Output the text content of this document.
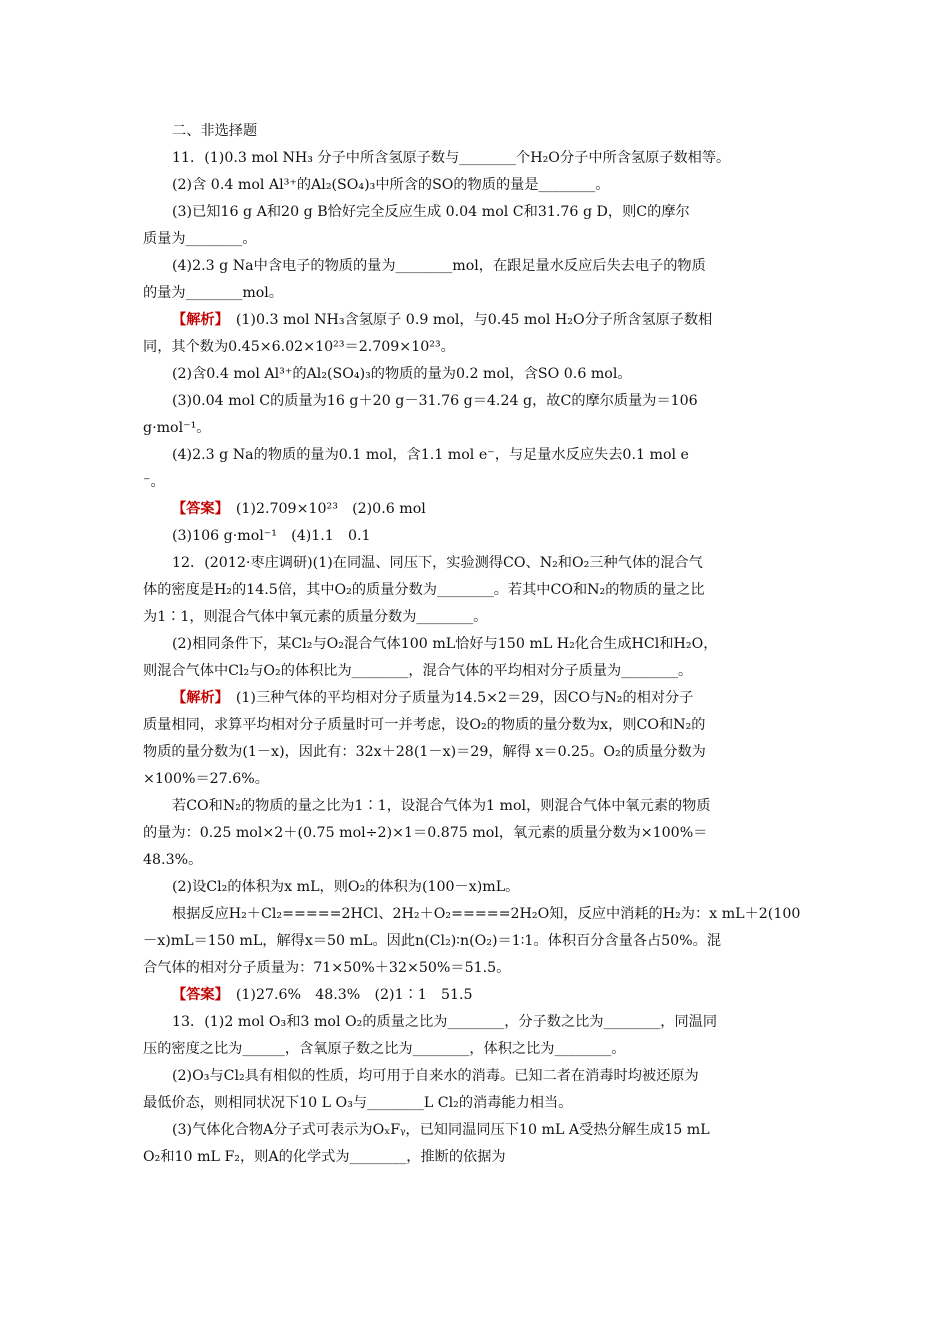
二、非选择题
11．(1)0.3 mol NH₃ 分子中所含氢原子数与________个H₂O分子中所含氢原子数相等。
(2)含 0.4 mol Al³⁺的Al₂(SO₄)₃中所含的SO的物质的量是________。
(3)已知16 g A和20 g B恰好完全反应生成 0.04 mol C和31.76 g D，则C的摩尔
质量为________。
(4)2.3 g Na中含电子的物质的量为________mol，在跟足量水反应后失去电子的物质
的量为________mol。
【解析】　 (1)0.3 mol NH₃含氢原子 0.9 mol，与0.45 mol H₂O分子所含氢原子数相
同，其个数为0.45×6.02×10²³＝2.709×10²³。
(2)含0.4 mol Al³⁺的Al₂(SO₄)₃的物质的量为0.2 mol，含SO 0.6 mol。
(3)0.04 mol C的质量为16 g＋20 g－31.76 g＝4.24 g，故C的摩尔质量为＝106
g·mol⁻¹。
(4)2.3 g Na的物质的量为0.1 mol，含1.1 mol e⁻，与足量水反应失去0.1 mol e
⁻。
【答案】　 (1)2.709×10²³　(2)0.6 mol
(3)106 g·mol⁻¹　(4)1.1　0.1
12．(2012·枣庄调研)(1)在同温、同压下，实验测得CO、N₂和O₂三种气体的混合气
体的密度是H₂的14.5倍，其中O₂的质量分数为________。若其中CO和N₂的物质的量之比
为1∶1，则混合气体中氧元素的质量分数为________。
(2)相同条件下，某Cl₂与O₂混合气体100 mL恰好与150 mL H₂化合生成HCl和H₂O，
则混合气体中Cl₂与O₂的体积比为________，混合气体的平均相对分子质量为________。
【解析】　 (1)三种气体的平均相对分子质量为14.5×2＝29，因CO与N₂的相对分子
质量相同，求算平均相对分子质量时可一并考虑，设O₂的物质的量分数为x，则CO和N₂的
物质的量分数为(1－x)，因此有：32x＋28(1－x)＝29，解得 x＝0.25。O₂的质量分数为
×100%＝27.6%。
若CO和N₂的物质的量之比为1∶1，设混合气体为1 mol，则混合气体中氧元素的物质
的量为：0.25 mol×2＋(0.75 mol÷2)×1＝0.875 mol，氧元素的质量分数为×100%＝
48.3%。
(2)设Cl₂的体积为x mL，则O₂的体积为(100－x)mL。
根据反应H₂＋Cl₂=====2HCl、2H₂＋O₂=====2H₂O知，反应中消耗的H₂为：x mL＋2(100
－x)mL＝150 mL，解得x＝50 mL。因此n(Cl₂)∶n(O₂)＝1∶1。体积百分含量各占50%。混
合气体的相对分子质量为：71×50%＋32×50%＝51.5。
【答案】　 (1)27.6%　48.3%　(2)1∶1　51.5
13．(1)2 mol O₃和3 mol O₂的质量之比为________，分子数之比为________，同温同
压的密度之比为______，含氧原子数之比为________，体积之比为________。
(2)O₃与Cl₂具有相似的性质，均可用于自来水的消毒。已知二者在消毒时均被还原为
最低价态，则相同状况下10 L O₃与________L Cl₂的消毒能力相当。
(3)气体化合物A分子式可表示为OₓFᵧ，已知同温同压下10 mL A受热分解生成15 mL
O₂和10 mL F₂，则A的化学式为________，推断的依据为
